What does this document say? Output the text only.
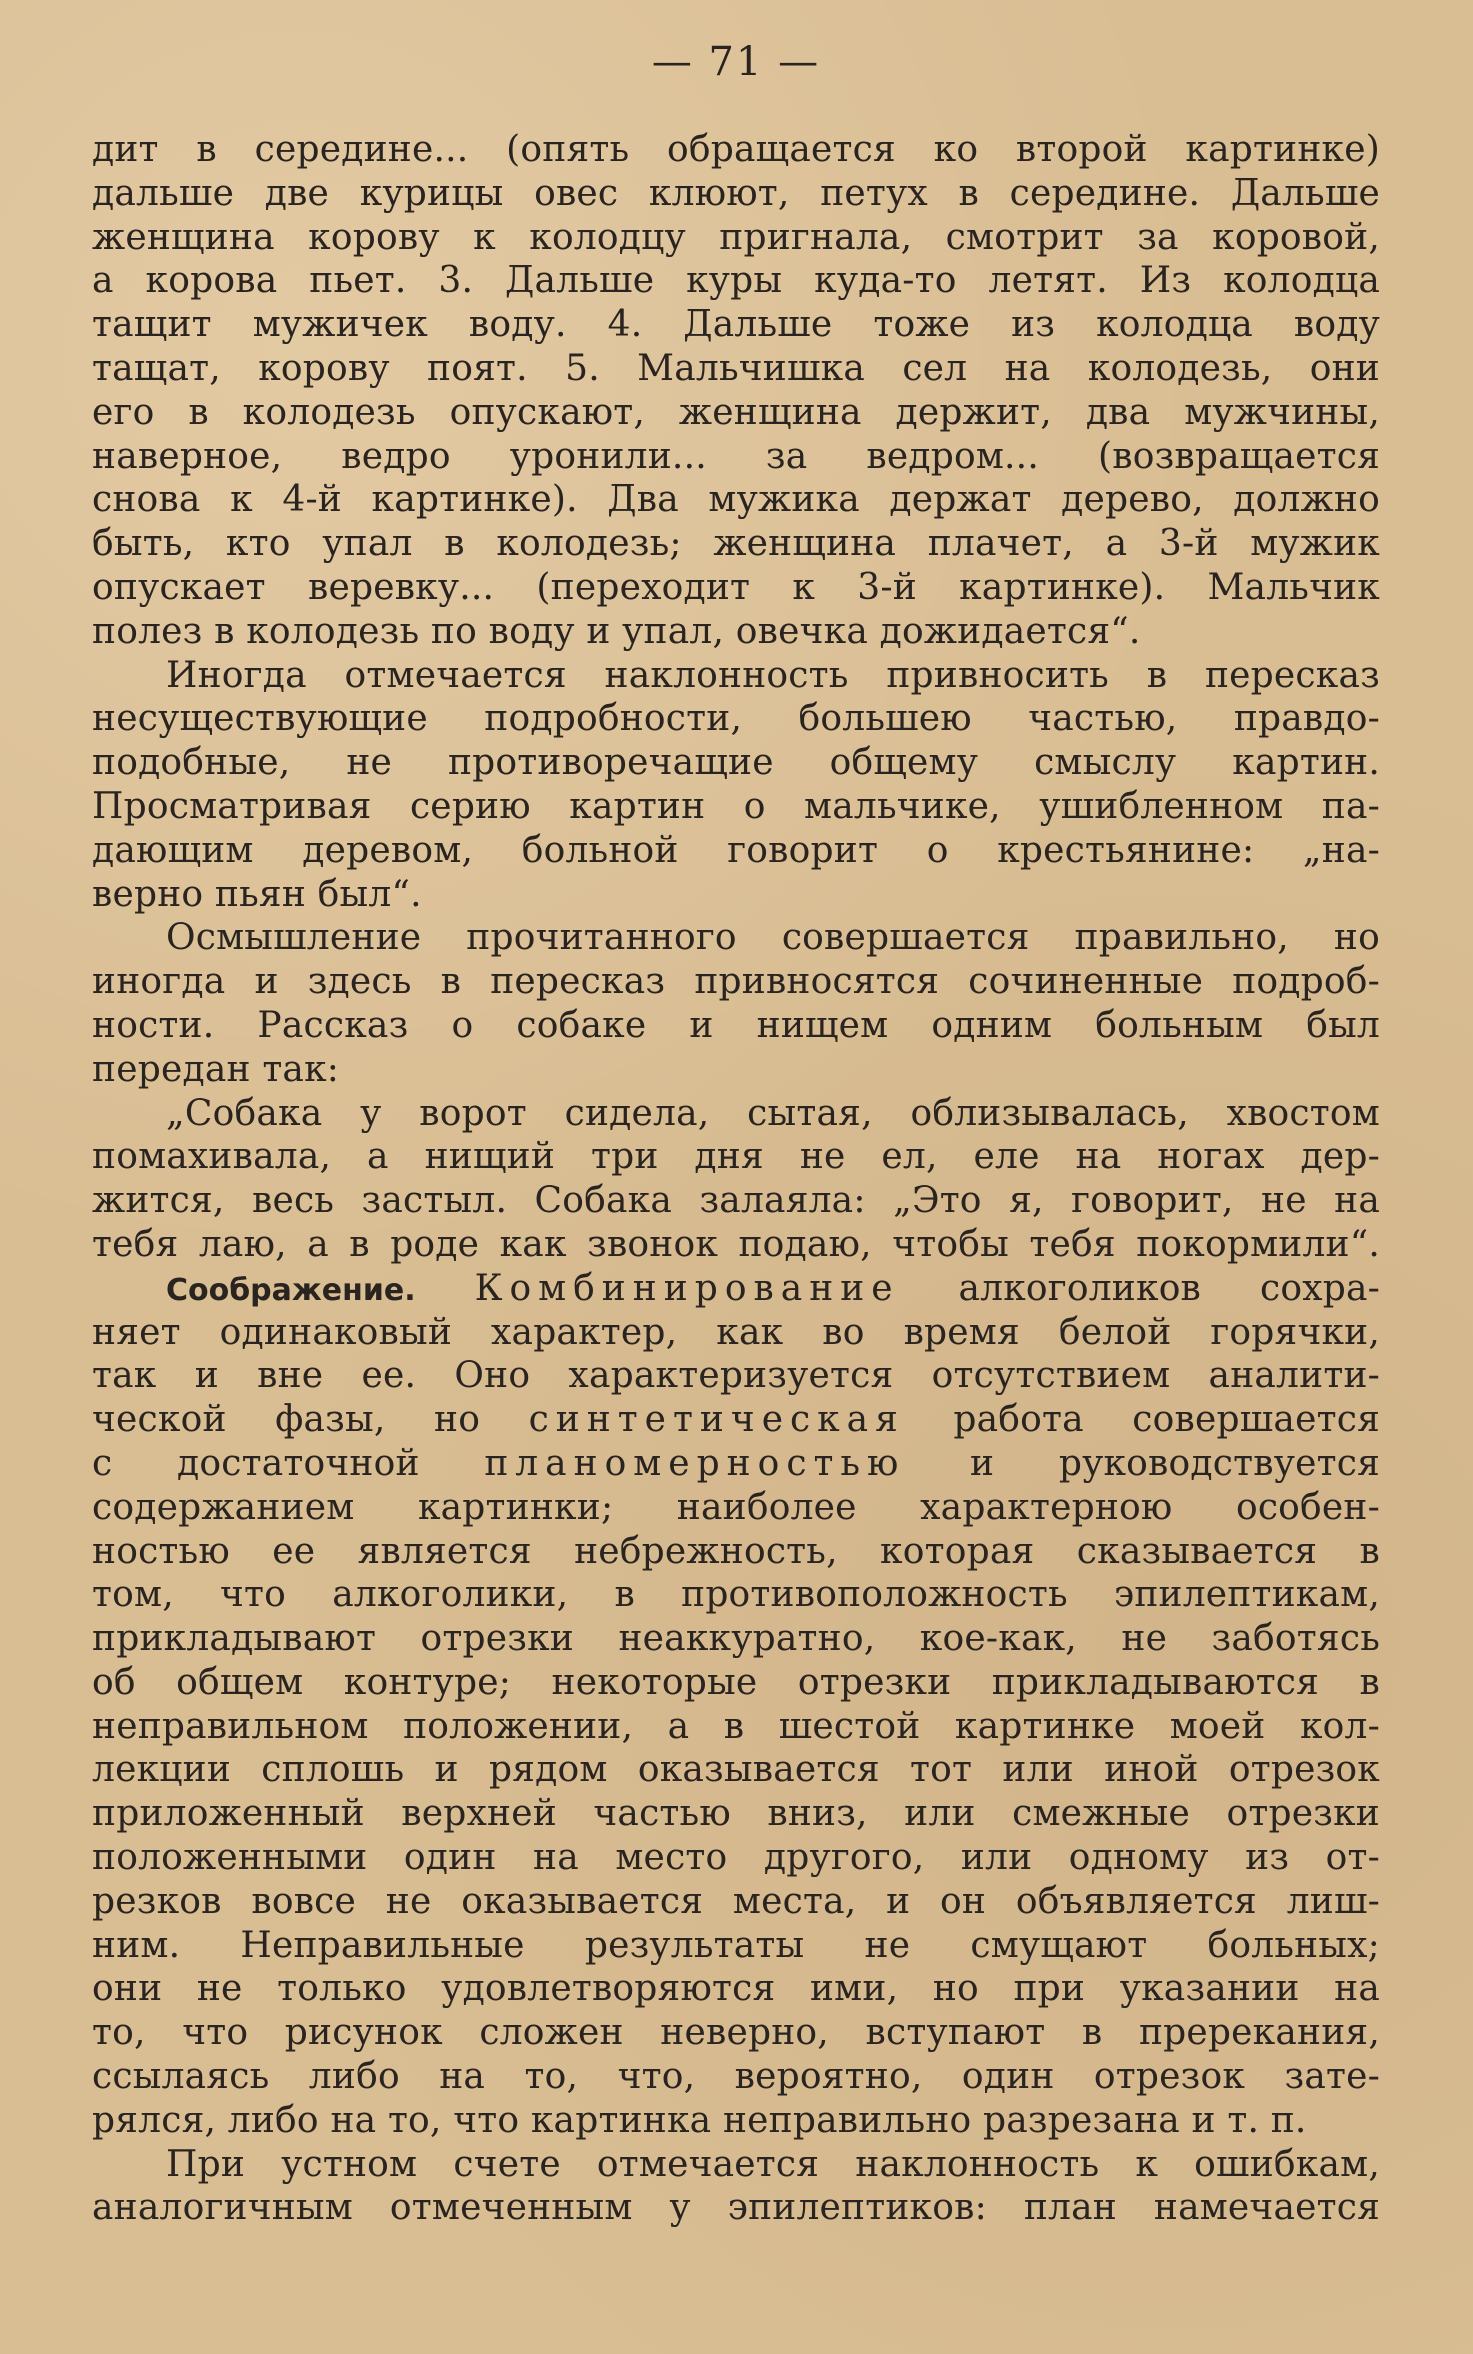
— 71 —
дит в середине... (опять обращается ко второй картинке)
дальше две курицы овес клюют, петух в середине. Дальше
женщина корову к колодцу пригнала, смотрит за коровой,
а корова пьет. 3. Дальше куры куда-то летят. Из колодца
тащит мужичек воду. 4. Дальше тоже из колодца воду
тащат, корову поят. 5. Мальчишка сел на колодезь, они
его в колодезь опускают, женщина держит, два мужчины,
наверное, ведро уронили... за ведром... (возвращается
снова к 4-й картинке). Два мужика держат дерево, должно
быть, кто упал в колодезь; женщина плачет, а 3-й мужик
опускает веревку... (переходит к 3-й картинке). Мальчик
полез в колодезь по воду и упал, овечка дожидается“.
Иногда отмечается наклонность привносить в пересказ
несуществующие подробности, большею частью, правдо-
подобные, не противоречащие общему смыслу картин.
Просматривая серию картин о мальчике, ушибленном па-
дающим деревом, больной говорит о крестьянине: „на-
верно пьян был“.
Осмышление прочитанного совершается правильно, но
иногда и здесь в пересказ привносятся сочиненные подроб-
ности. Рассказ о собаке и нищем одним больным был
передан так:
„Собака у ворот сидела, сытая, облизывалась, хвостом
помахивала, а нищий три дня не ел, еле на ногах дер-
жится, весь застыл. Собака залаяла: „Это я, говорит, не на
тебя лаю, а в роде как звонок подаю, чтобы тебя покормили“.
Соображение. Комбинирование алкоголиков сохра-
няет одинаковый характер, как во время белой горячки,
так и вне ее. Оно характеризуется отсутствием аналити-
ческой фазы, но синтетическая работа совершается
с достаточной планомерностью и руководствуется
содержанием картинки; наиболее характерною особен-
ностью ее является небрежность, которая сказывается в
том, что алкоголики, в противоположность эпилептикам,
прикладывают отрезки неаккуратно, кое-как, не заботясь
об общем контуре; некоторые отрезки прикладываются в
неправильном положении, а в шестой картинке моей кол-
лекции сплошь и рядом оказывается тот или иной отрезок
приложенный верхней частью вниз, или смежные отрезки
положенными один на место другого, или одному из от-
резков вовсе не оказывается места, и он объявляется лиш-
ним. Неправильные результаты не смущают больных;
они не только удовлетворяются ими, но при указании на
то, что рисунок сложен неверно, вступают в пререкания,
ссылаясь либо на то, что, вероятно, один отрезок зате-
рялся, либо на то, что картинка неправильно разрезана и т. п.
При устном счете отмечается наклонность к ошибкам,
аналогичным отмеченным у эпилептиков: план намечается
